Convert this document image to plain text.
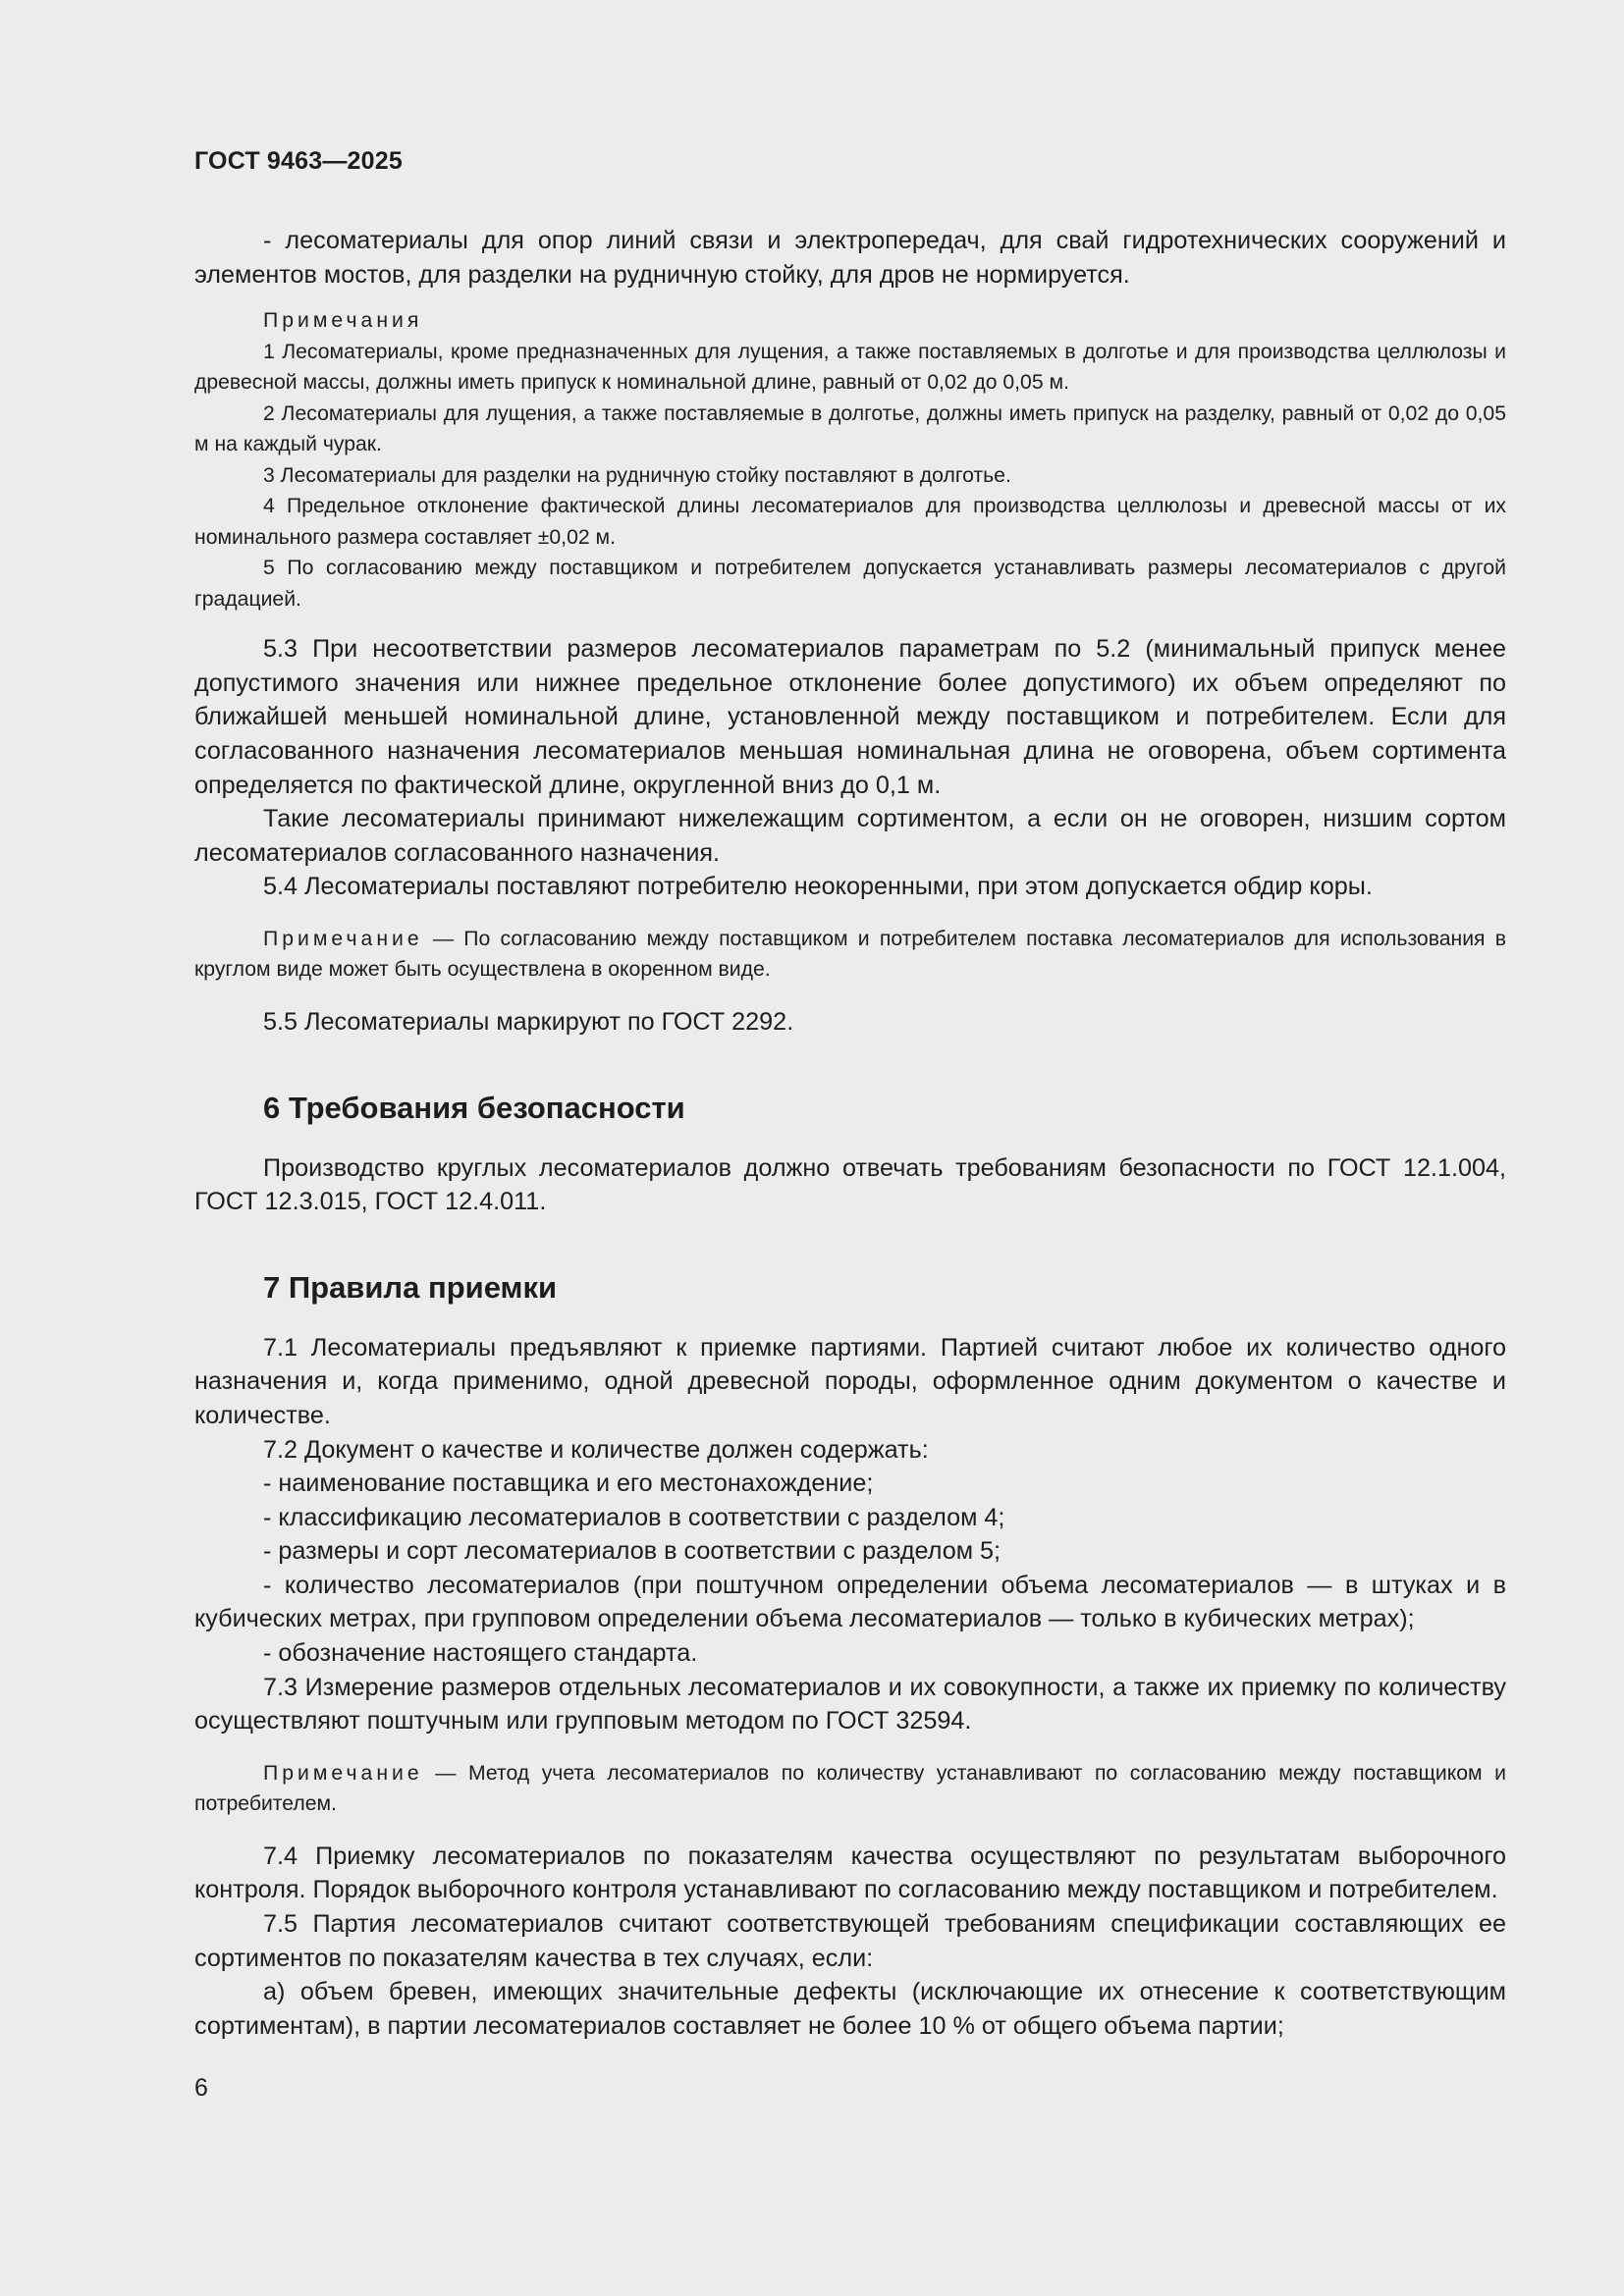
ГОСТ 9463—2025

- лесоматериалы для опор линий связи и электропередач, для свай гидротехнических сооружений и элементов мостов, для разделки на рудничную стойку, для дров не нормируется.

Примечания

1 Лесоматериалы, кроме предназначенных для лущения, а также поставляемых в долготье и для производства целлюлозы и древесной массы, должны иметь припуск к номинальной длине, равный от 0,02 до 0,05 м.

2 Лесоматериалы для лущения, а также поставляемые в долготье, должны иметь припуск на разделку, равный от 0,02 до 0,05 м на каждый чурак.

3 Лесоматериалы для разделки на рудничную стойку поставляют в долготье.

4 Предельное отклонение фактической длины лесоматериалов для производства целлюлозы и древесной массы от их номинального размера составляет ±0,02 м.

5 По согласованию между поставщиком и потребителем допускается устанавливать размеры лесоматериалов с другой градацией.

5.3 При несоответствии размеров лесоматериалов параметрам по 5.2 (минимальный припуск менее допустимого значения или нижнее предельное отклонение более допустимого) их объем определяют по ближайшей меньшей номинальной длине, установленной между поставщиком и потребителем. Если для согласованного назначения лесоматериалов меньшая номинальная длина не оговорена, объем сортимента определяется по фактической длине, округленной вниз до 0,1 м.

Такие лесоматериалы принимают нижележащим сортиментом, а если он не оговорен, низшим сортом лесоматериалов согласованного назначения.

5.4 Лесоматериалы поставляют потребителю неокоренными, при этом допускается обдир коры.

Примечание — По согласованию между поставщиком и потребителем поставка лесоматериалов для использования в круглом виде может быть осуществлена в окоренном виде.

5.5 Лесоматериалы маркируют по ГОСТ 2292.

6 Требования безопасности

Производство круглых лесоматериалов должно отвечать требованиям безопасности по ГОСТ 12.1.004, ГОСТ 12.3.015, ГОСТ 12.4.011.

7 Правила приемки

7.1 Лесоматериалы предъявляют к приемке партиями. Партией считают любое их количество одного назначения и, когда применимо, одной древесной породы, оформленное одним документом о качестве и количестве.

7.2 Документ о качестве и количестве должен содержать:

- наименование поставщика и его местонахождение;

- классификацию лесоматериалов в соответствии с разделом 4;

- размеры и сорт лесоматериалов в соответствии с разделом 5;

- количество лесоматериалов (при поштучном определении объема лесоматериалов — в штуках и в кубических метрах, при групповом определении объема лесоматериалов — только в кубических метрах);

- обозначение настоящего стандарта.

7.3 Измерение размеров отдельных лесоматериалов и их совокупности, а также их приемку по количеству осуществляют поштучным или групповым методом по ГОСТ 32594.

Примечание — Метод учета лесоматериалов по количеству устанавливают по согласованию между поставщиком и потребителем.

7.4 Приемку лесоматериалов по показателям качества осуществляют по результатам выборочного контроля. Порядок выборочного контроля устанавливают по согласованию между поставщиком и потребителем.

7.5 Партия лесоматериалов считают соответствующей требованиям спецификации составляющих ее сортиментов по показателям качества в тех случаях, если:

а) объем бревен, имеющих значительные дефекты (исключающие их отнесение к соответствующим сортиментам), в партии лесоматериалов составляет не более 10 % от общего объема партии;

6
